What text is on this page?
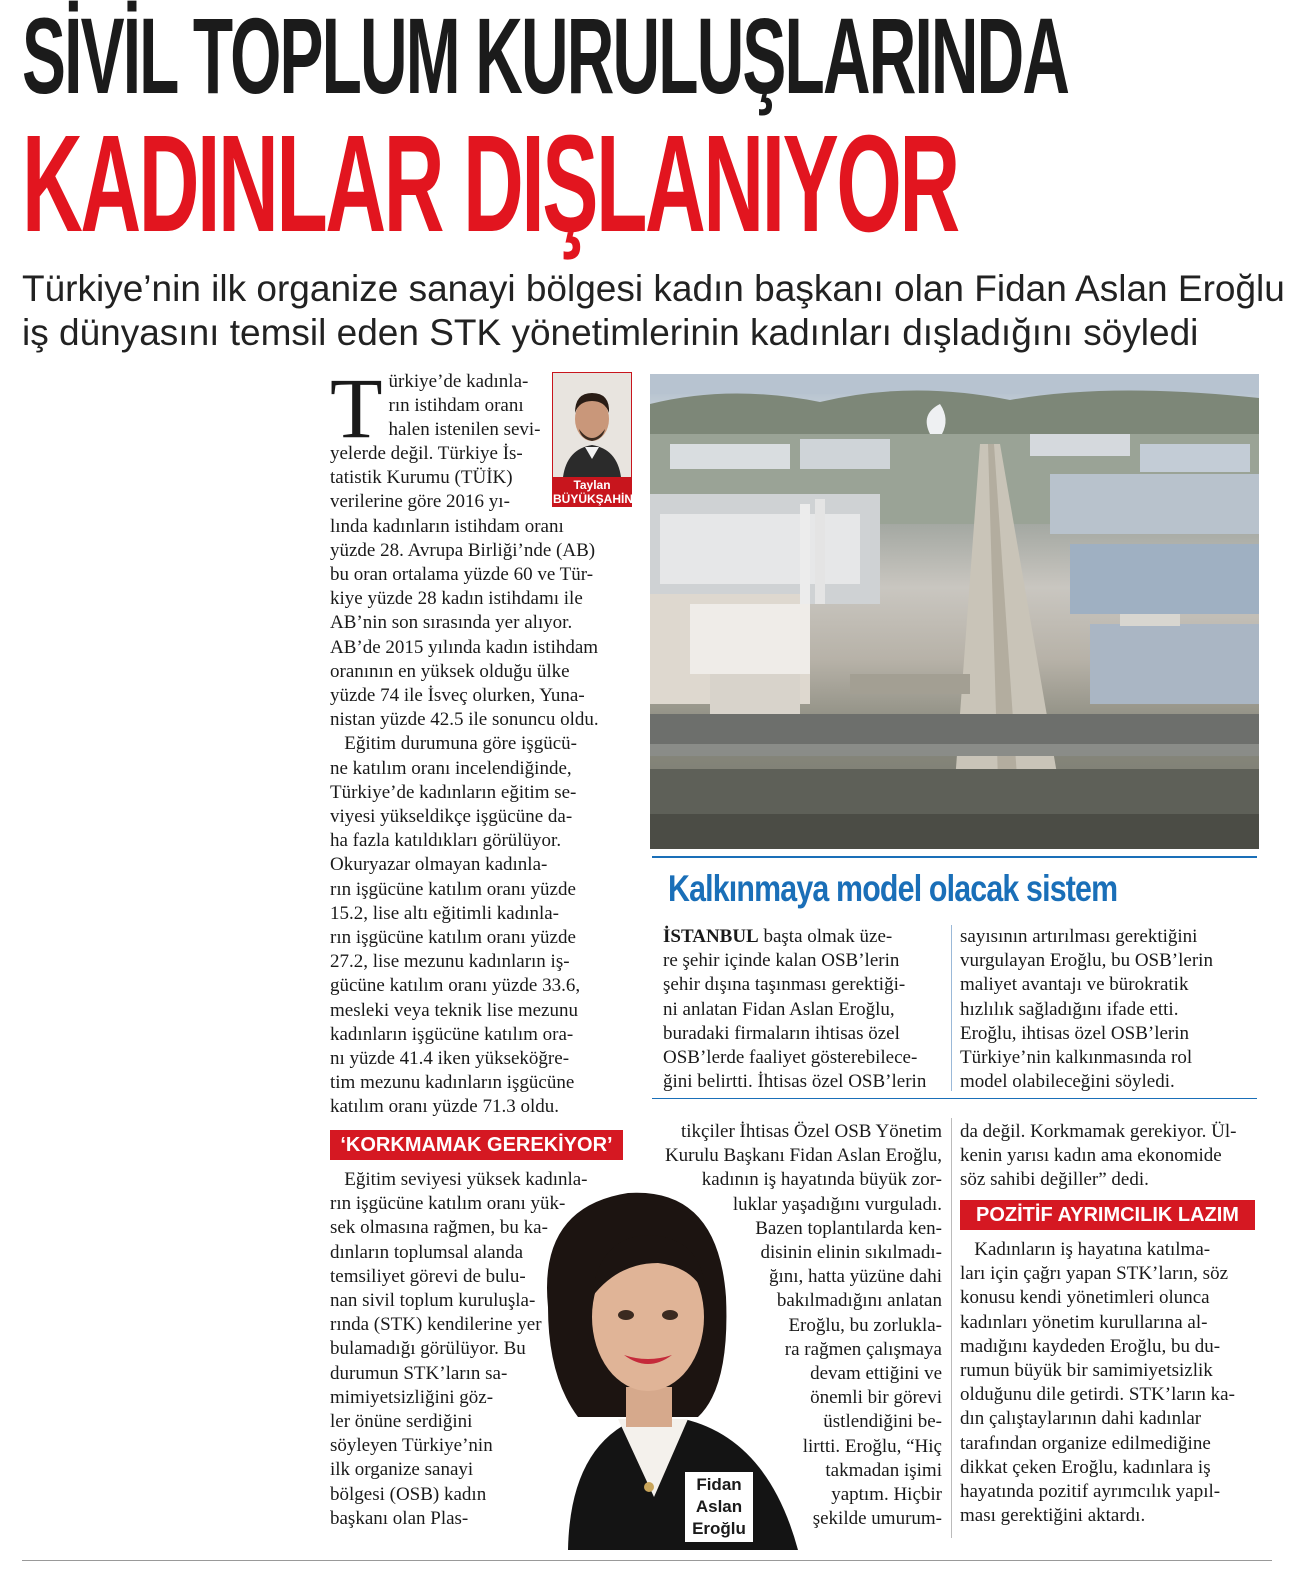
SİVİL TOPLUM KURULUŞLARINDA
KADINLAR DIŞLANIYOR
Türkiye’nin ilk organize sanayi bölgesi kadın başkanı olan Fidan Aslan Eroğlu
iş dünyasını temsil eden STK yönetimlerinin kadınları dışladığını söyledi
T ürkiye’de kadınla-
rın istihdam oranı
halen istenilen sevi-
Taylan
BÜYÜKŞAHİN
yelerde değil. Türkiye İs-
tatistik Kurumu (TÜİK)
verilerine göre 2016 yı-
lında kadınların istihdam oranı
yüzde 28. Avrupa Birliği’nde (AB)
bu oran ortalama yüzde 60 ve Tür-
kiye yüzde 28 kadın istihdamı ile
AB’nin son sırasında yer alıyor.
AB’de 2015 yılında kadın istihdam
oranının en yüksek olduğu ülke
yüzde 74 ile İsveç olurken, Yuna-
nistan yüzde 42.5 ile sonuncu oldu.
Eğitim durumuna göre işgücü-
ne katılım oranı incelendiğinde,
Türkiye’de kadınların eğitim se-
viyesi yükseldikçe işgücüne da-
ha fazla katıldıkları görülüyor.
Okuryazar olmayan kadınla-
rın işgücüne katılım oranı yüzde
15.2, lise altı eğitimli kadınla-
rın işgücüne katılım oranı yüzde
27.2, lise mezunu kadınların iş-
gücüne katılım oranı yüzde 33.6,
mesleki veya teknik lise mezunu
kadınların işgücüne katılım ora-
nı yüzde 41.4 iken yükseköğre-
tim mezunu kadınların işgücüne
katılım oranı yüzde 71.3 oldu.
‘KORKMAMAK GEREKİYOR’
Eğitim seviyesi yüksek kadınla-
rın işgücüne katılım oranı yük-
sek olmasına rağmen, bu ka-
dınların toplumsal alanda
temsiliyet görevi de bulu-
nan sivil toplum kuruluşla-
rında (STK) kendilerine yer
bulamadığı görülüyor. Bu
durumun STK’ların sa-
mimiyetsizliğini göz-
ler önüne serdiğini
söyleyen Türkiye’nin
ilk organize sanayi
bölgesi (OSB) kadın
başkanı olan Plas-
Kalkınmaya model olacak sistem
İSTANBUL başta olmak üze-
re şehir içinde kalan OSB’lerin
şehir dışına taşınması gerektiği-
ni anlatan Fidan Aslan Eroğlu,
buradaki firmaların ihtisas özel
OSB’lerde faaliyet gösterebilece-
ğini belirtti. İhtisas özel OSB’lerin
sayısının artırılması gerektiğini
vurgulayan Eroğlu, bu OSB’lerin
maliyet avantajı ve bürokratik
hızlılık sağladığını ifade etti.
Eroğlu, ihtisas özel OSB’lerin
Türkiye’nin kalkınmasında rol
model olabileceğini söyledi.
tikçiler İhtisas Özel OSB Yönetim
Kurulu Başkanı Fidan Aslan Eroğlu,
kadının iş hayatında büyük zor-
luklar yaşadığını vurguladı.
Bazen toplantılarda ken-
disinin elinin sıkılmadı-
ğını, hatta yüzüne dahi
bakılmadığını anlatan
Eroğlu, bu zorlukla-
ra rağmen çalışmaya
devam ettiğini ve
önemli bir görevi
üstlendiğini be-
lirtti. Eroğlu, “Hiç
takmadan işimi
yaptım. Hiçbir
şekilde umurum-
Fidan
Aslan
Eroğlu
da değil. Korkmamak gerekiyor. Ül-
kenin yarısı kadın ama ekonomide
söz sahibi değiller” dedi.
POZİTİF AYRIMCILIK LAZIM
Kadınların iş hayatına katılma-
ları için çağrı yapan STK’ların, söz
konusu kendi yönetimleri olunca
kadınları yönetim kurullarına al-
madığını kaydeden Eroğlu, bu du-
rumun büyük bir samimiyetsizlik
olduğunu dile getirdi. STK’ların ka-
dın çalıştaylarının dahi kadınlar
tarafından organize edilmediğine
dikkat çeken Eroğlu, kadınlara iş
hayatında pozitif ayrımcılık yapıl-
ması gerektiğini aktardı.
